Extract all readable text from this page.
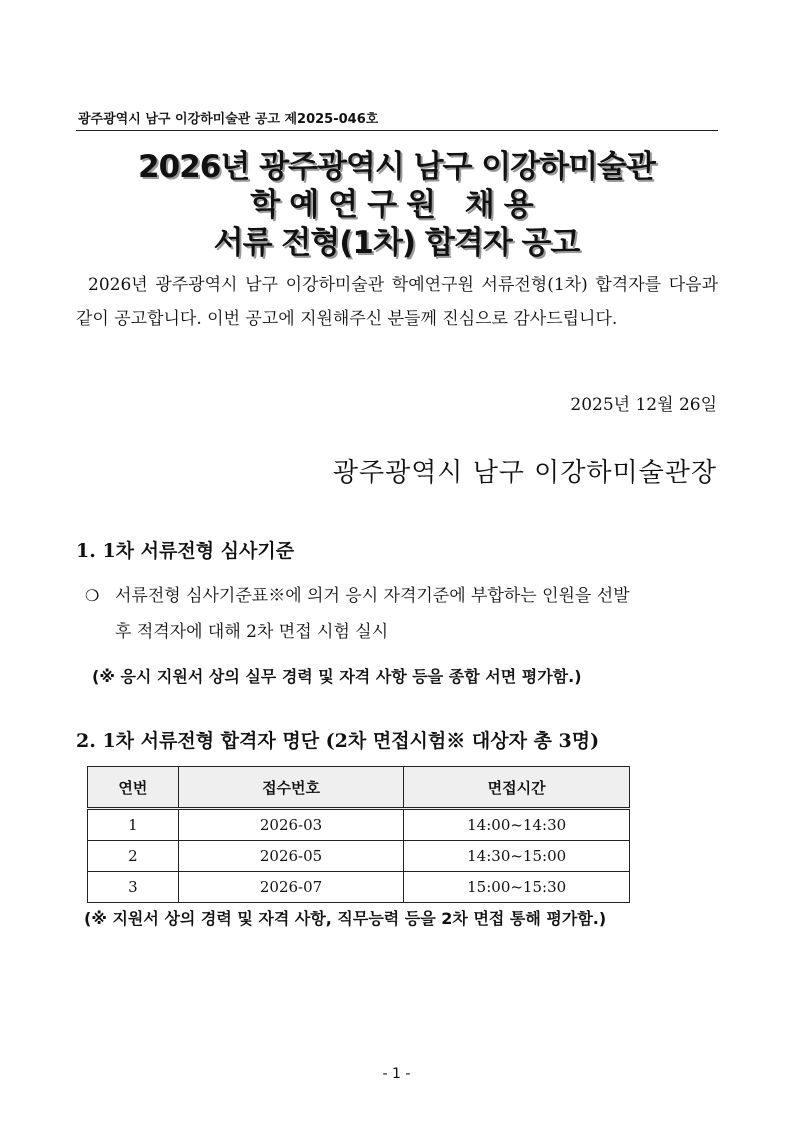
광주광역시 남구 이강하미술관 공고 제2025-046호
2026년 광주광역시 남구 이강하미술관
학예연구원 채용
서류 전형(1차) 합격자 공고
2026년 광주광역시 남구 이강하미술관 학예연구원 서류전형(1차) 합격자를 다음과 같이 공고합니다. 이번 공고에 지원해주신 분들께 진심으로 감사드립니다.
2025년 12월 26일
광주광역시 남구 이강하미술관장
1. 1차 서류전형 심사기준
❍ 서류전형 심사기준표※에 의거 응시 자격기준에 부합하는 인원을 선발
후 적격자에 대해 2차 면접 시험 실시
(※ 응시 지원서 상의 실무 경력 및 자격 사항 등을 종합 서면 평가함.)
2. 1차 서류전형 합격자 명단 (2차 면접시험※ 대상자 총 3명)
연번	접수번호	면접시간
1	2026-03	14:00~14:30
2	2026-05	14:30~15:00
3	2026-07	15:00~15:30
(※ 지원서 상의 경력 및 자격 사항, 직무능력 등을 2차 면접 통해 평가함.)
- 1 -
